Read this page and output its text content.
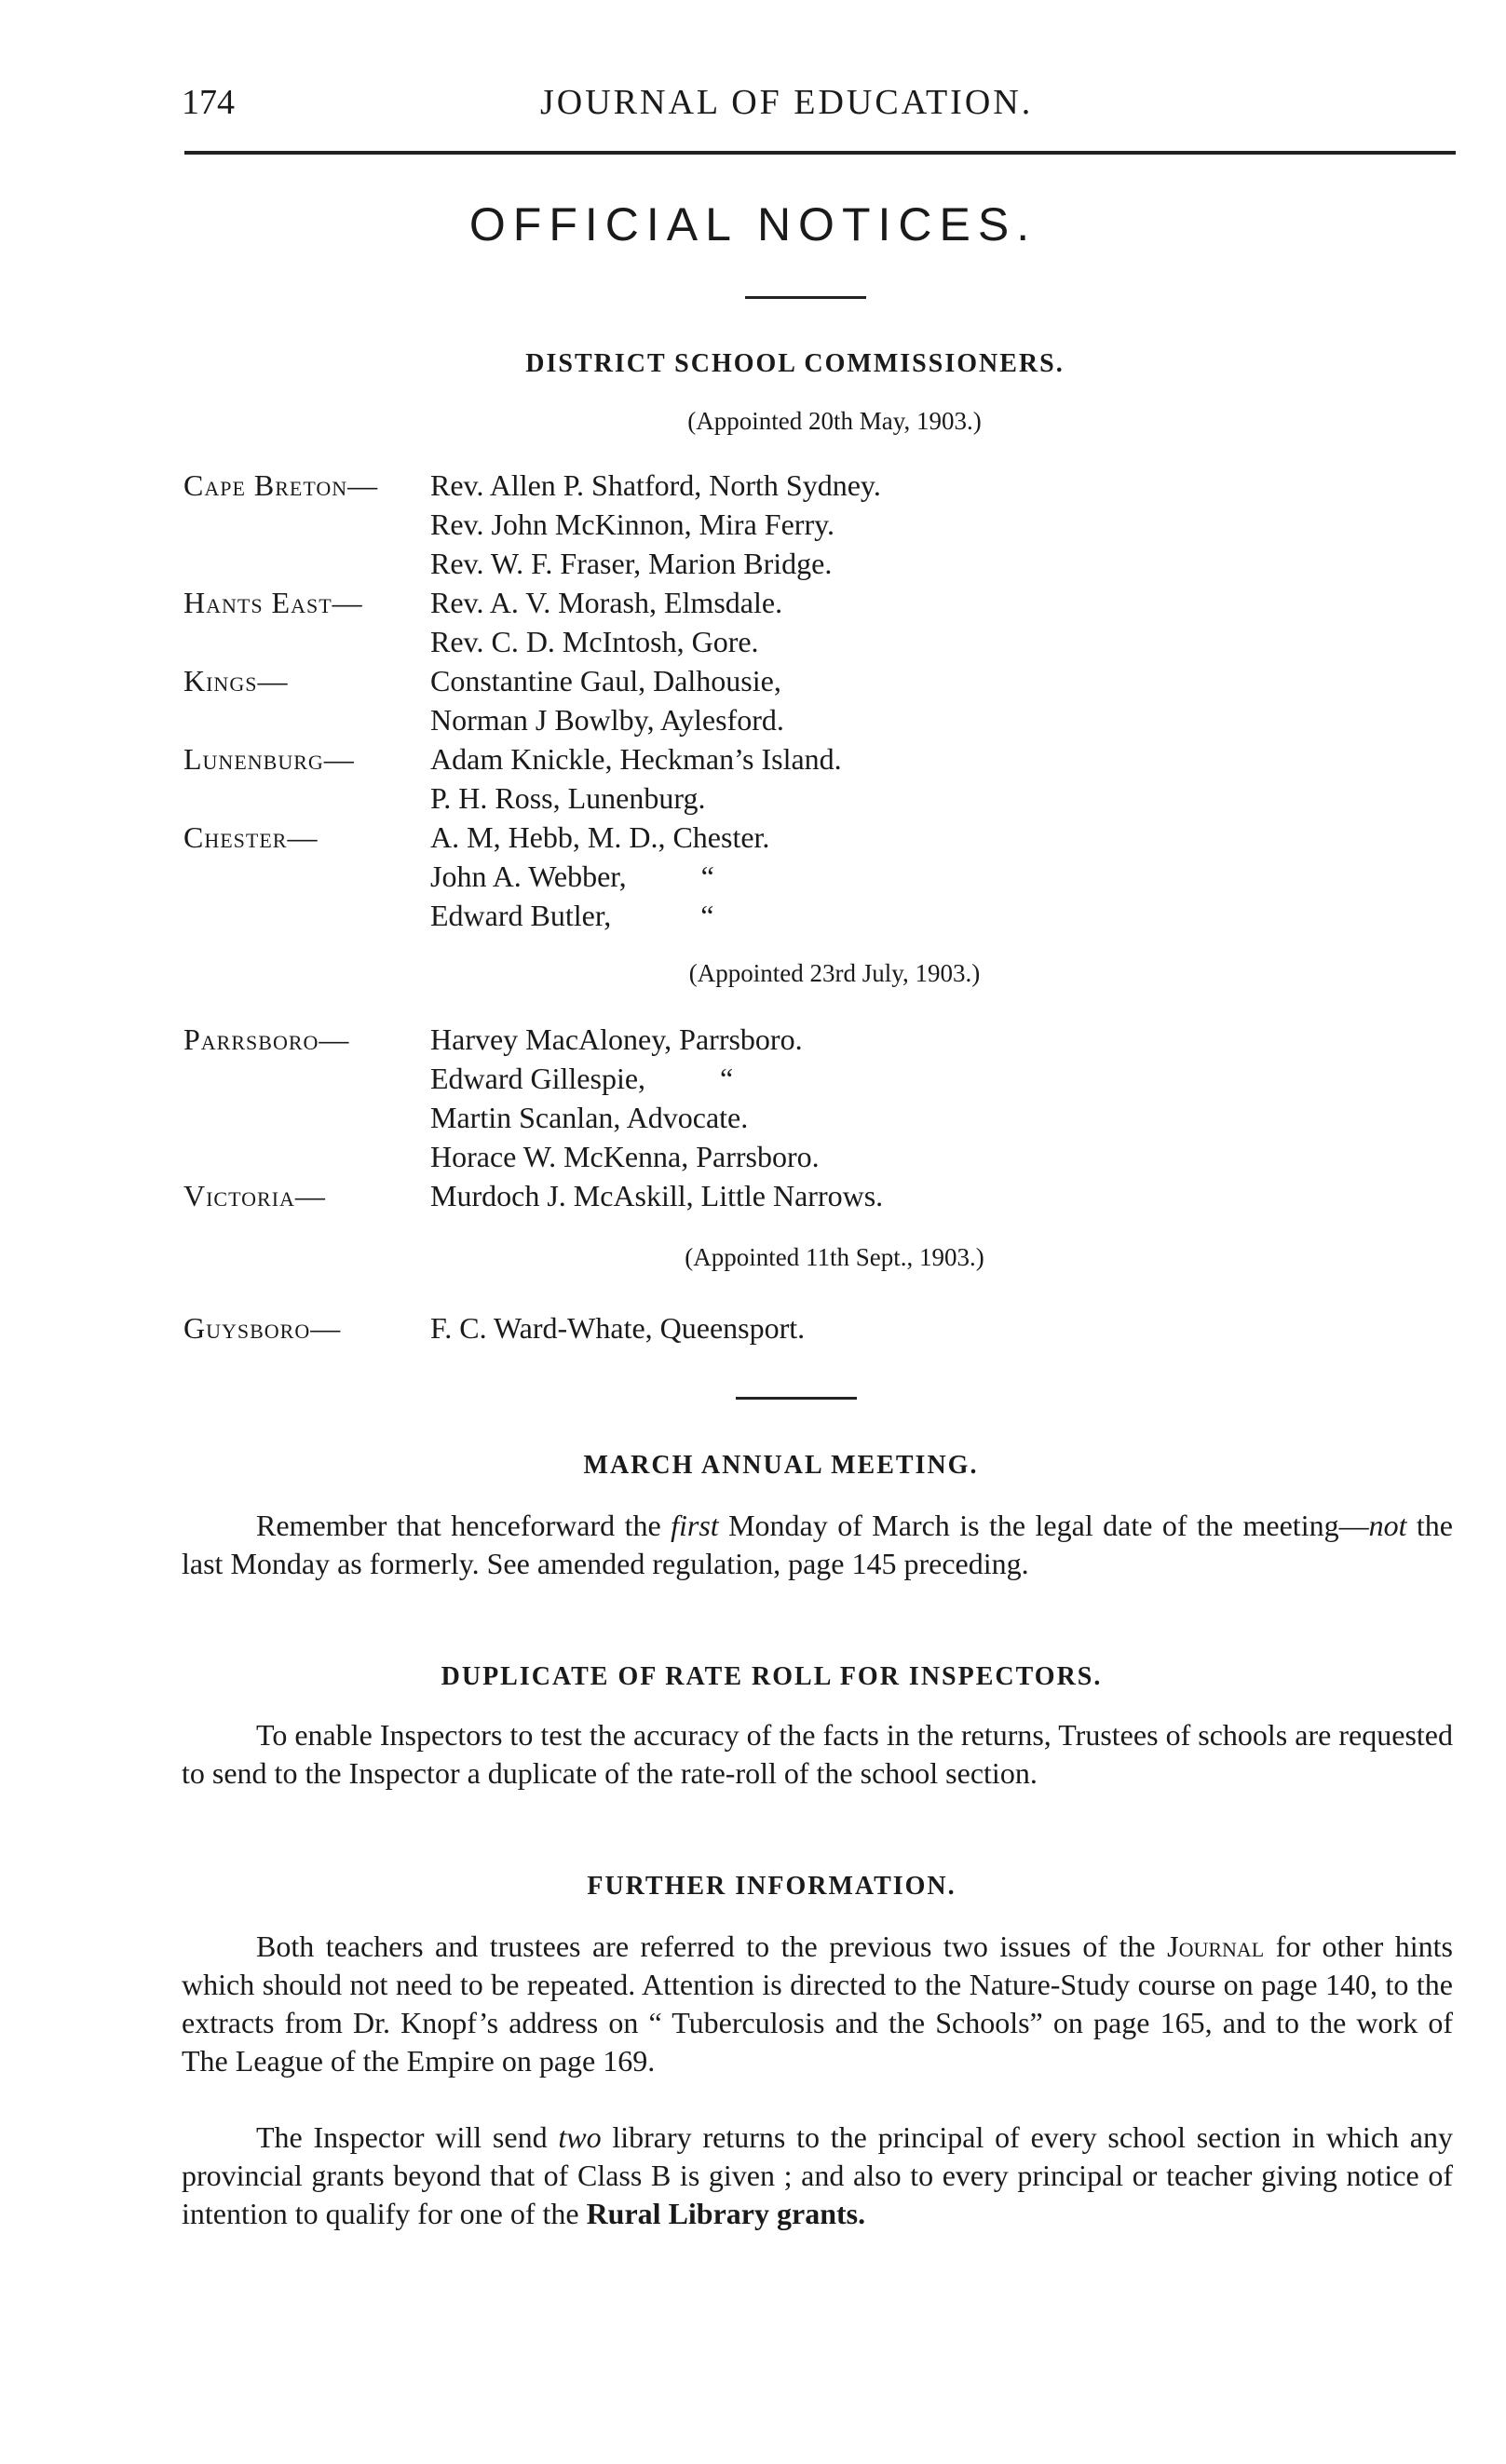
174	JOURNAL OF EDUCATION.
OFFICIAL NOTICES.
DISTRICT SCHOOL COMMISSIONERS.
(Appointed 20th May, 1903.)
Cape Breton— Rev. Allen P. Shatford, North Sydney.
Rev. John McKinnon, Mira Ferry.
Rev. W. F. Fraser, Marion Bridge.
Hants East— Rev. A. V. Morash, Elmsdale.
Rev. C. D. McIntosh, Gore.
Kings—	Constantine Gaul, Dalhousie,
Norman J Bowlby, Aylesford.
Lunenburg—	Adam Knickle, Heckman’s Island.
P. H. Ross, Lunenburg.
Chester—	A. M, Hebb, M. D., Chester.
John A. Webber,          “
Edward Butler,            “
(Appointed 23rd July, 1903.)
Parrsboro—	Harvey MacAloney, Parrsboro.
Edward Gillespie,          “
Martin Scanlan, Advocate.
Horace W. McKenna, Parrsboro.
Victoria—	Murdoch J. McAskill, Little Narrows.
(Appointed 11th Sept., 1903.)
Guysboro—	F. C. Ward-Whate, Queensport.
MARCH ANNUAL MEETING.

Remember that henceforward the first Monday of March is the legal date of the meeting—not the last Monday as formerly. See amended regulation, page 145 preceding.

DUPLICATE OF RATE ROLL FOR INSPECTORS.

To enable Inspectors to test the accuracy of the facts in the returns, Trustees of schools are requested to send to the Inspector a duplicate of the rate-roll of the school section.

FURTHER INFORMATION.

Both teachers and trustees are referred to the previous two issues of the Journal for other hints which should not need to be repeated. Attention is directed to the Nature-Study course on page 140, to the extracts from Dr. Knopf’s address on “ Tuberculosis and the Schools” on page 165, and to the work of The League of the Empire on page 169.

The Inspector will send two library returns to the principal of every school section in which any provincial grants beyond that of Class B is given ; and also to every principal or teacher giving notice of intention to qualify for one of the Rural Library grants.
